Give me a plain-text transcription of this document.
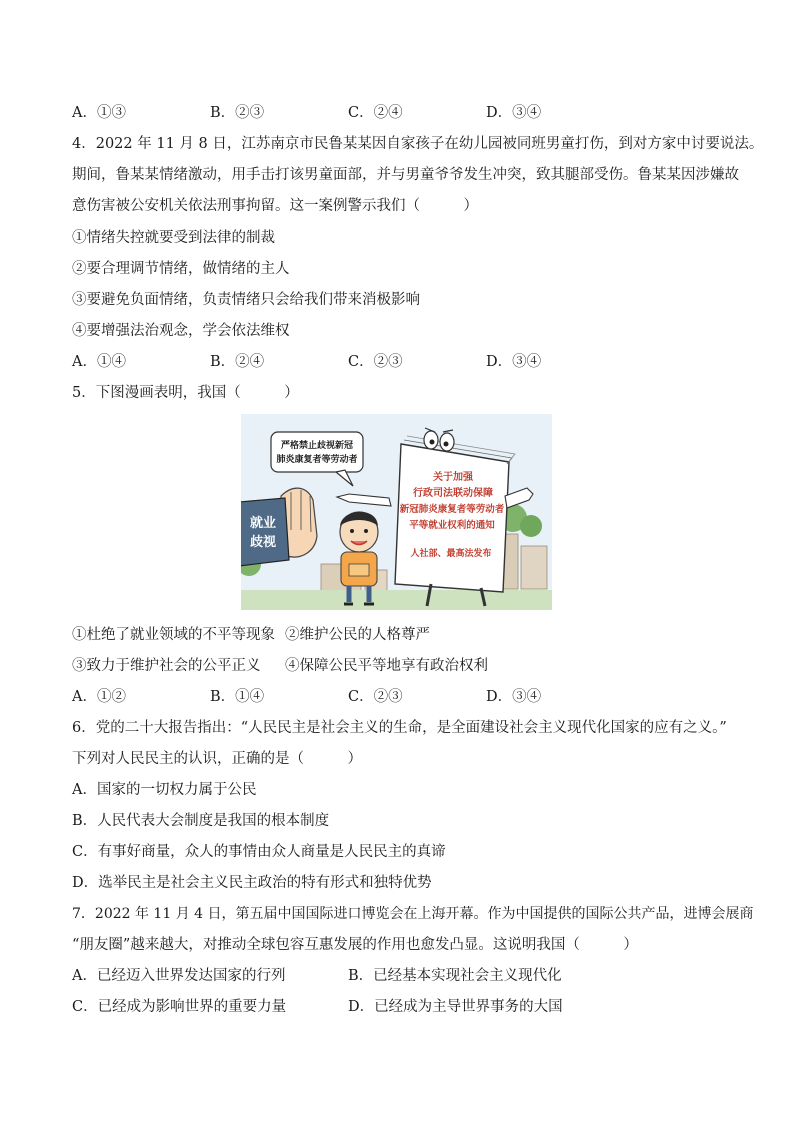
A．①③	B．②③	C．②④	D．③④
4．2022 年 11 月 8 日，江苏南京市民鲁某某因自家孩子在幼儿园被同班男童打伤，到对方家中讨要说法。
期间，鲁某某情绪激动，用手击打该男童面部，并与男童爷爷发生冲突，致其腿部受伤。鲁某某因涉嫌故
意伤害被公安机关依法刑事拘留。这一案例警示我们（　　　）
①情绪失控就要受到法律的制裁
②要合理调节情绪，做情绪的主人
③要避免负面情绪，负责情绪只会给我们带来消极影响
④要增强法治观念，学会依法维权
A．①④	B．②④	C．②③	D．③④
5．下图漫画表明，我国（　　　）
严格禁止歧视新冠
肺炎康复者等劳动者
就业
歧视
关于加强
行政司法联动保障
新冠肺炎康复者等劳动者
平等就业权利的通知
人社部、最高法发布
①杜绝了就业领域的不平等现象 ②维护公民的人格尊严
③致力于维护社会的公平正义 ④保障公民平等地享有政治权利
A．①②	B．①④	C．②③	D．③④
6．党的二十大报告指出：“人民民主是社会主义的生命，是全面建设社会主义现代化国家的应有之义。”
下列对人民民主的认识，正确的是（　　　）
A．国家的一切权力属于公民
B．人民代表大会制度是我国的根本制度
C．有事好商量，众人的事情由众人商量是人民民主的真谛
D．选举民主是社会主义民主政治的特有形式和独特优势
7．2022 年 11 月 4 日，第五届中国国际进口博览会在上海开幕。作为中国提供的国际公共产品，进博会展商
“朋友圈”越来越大，对推动全球包容互惠发展的作用也愈发凸显。这说明我国（　　　）
A．已经迈入世界发达国家的行列	B．已经基本实现社会主义现代化
C．已经成为影响世界的重要力量	D．已经成为主导世界事务的大国
